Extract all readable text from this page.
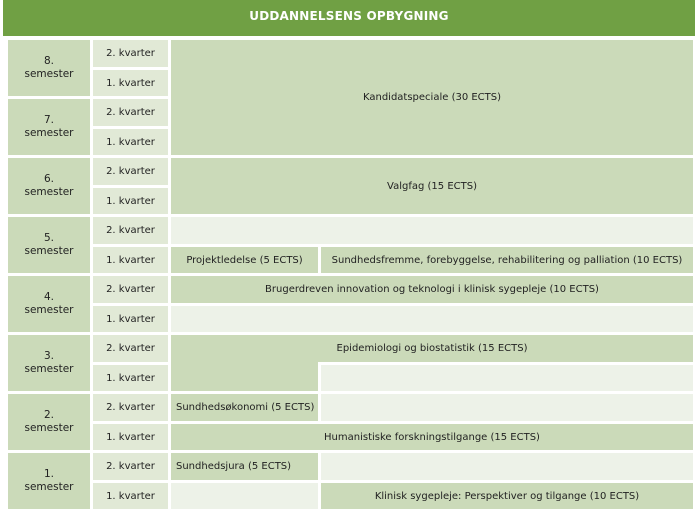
UDDANNELSENS OPBYGNING
8.
semester
7.
semester
6.
semester
5.
semester
4.
semester
3.
semester
2.
semester
1.
semester
2. kvarter
1. kvarter
2. kvarter
1. kvarter
2. kvarter
1. kvarter
2. kvarter
1. kvarter
2. kvarter
1. kvarter
2. kvarter
1. kvarter
2. kvarter
1. kvarter
2. kvarter
1. kvarter
Kandidatspeciale (30 ECTS)
Valgfag (15 ECTS)
Projektledelse (5 ECTS)	Sundhedsfremme, forebyggelse, rehabilitering og palliation (10 ECTS)
Brugerdreven innovation og teknologi i klinisk sygepleje (10 ECTS)
Epidemiologi og biostatistik (15 ECTS)
Sundhedsøkonomi (5 ECTS)
Humanistiske forskningstilgange (15 ECTS)
Sundhedsjura (5 ECTS)
Klinisk sygepleje: Perspektiver og tilgange (10 ECTS)
